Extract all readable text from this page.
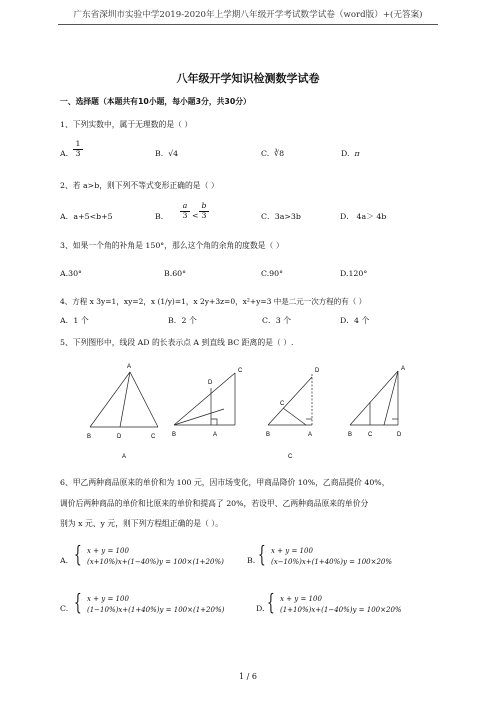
广东省深圳市实验中学2019-2020年上学期八年级开学考试数学试卷（word版）+(无答案)
八年级开学知识检测数学试卷
一、选择题（本题共有10小题，每小题3分，共30分）
1、下列实数中，属于无理数的是（ ）
A. $\frac{1}{3}$	B. √4	C. ∛8	D. π
2、若 a>b，则下列不等式变形正确的是（ ）
A．a+5<b+5	B． $\frac{a}{3} < \frac{b}{3}$	C．3a>3b	D． 4a＞ 4b
3、如果一个角的补角是 150°，那么这个角的余角的度数是（ ）
A.30°	B.60°	C.90°	D.120°
4、方程 x 3y=1，xy=2，x (1/y)=1，x 2y+3z=0，x²+y=3 中是二元一次方程的有（ ）
A．1 个	B．2 个	C．3 个	D．4 个
5、下列图形中，线段 AD 的长表示点 A 到直线 BC 距离的是（ ）.
A
B	D	C
A
C
D
B	A
D
C
B	A
C
A
B	C	D
6、甲乙两种商品原来的单价和为 100 元，因市场变化，甲商品降价 10%，乙商品提价 40%，
调价后两种商品的单价和比原来的单价和提高了 20%，若设甲、乙两种商品原来的单价分
别为 x 元、y 元，则下列方程组正确的是（ ）。
A. { x + y = 100
(x+10%)x+(1−40%)y = 100×(1+20%)	B. { x + y = 100
(x−10%)x+(1+40%)y = 100×20%
C. { x + y = 100
(1−10%)x+(1+40%)y = 100×(1+20%)	D. { x + y = 100
(1+10%)x+(1−40%)y = 100×20%
1 / 6
